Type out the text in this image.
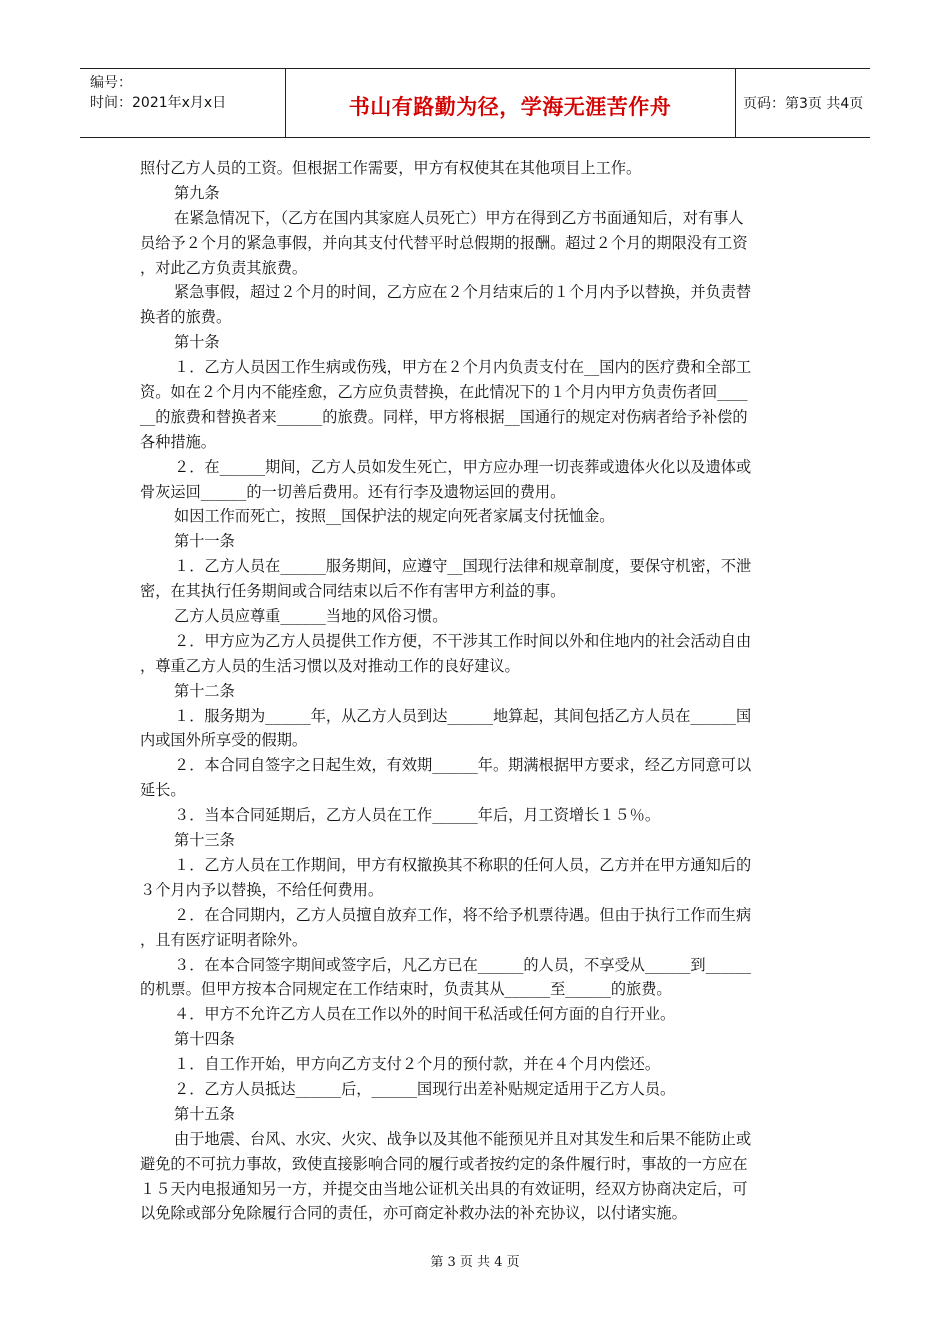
编号：
时间：2021年x月x日	书山有路勤为径，学海无涯苦作舟	页码：第3页 共4页
照付乙方人员的工资。但根据工作需要，甲方有权使其在其他项目上工作。
第九条
在紧急情况下，（乙方在国内其家庭人员死亡）甲方在得到乙方书面通知后，对有事人
员给予２个月的紧急事假，并向其支付代替平时总假期的报酬。超过２个月的期限没有工资
，对此乙方负责其旅费。
紧急事假，超过２个月的时间，乙方应在２个月结束后的１个月内予以替换，并负责替
换者的旅费。
第十条
１．乙方人员因工作生病或伤残，甲方在２个月内负责支付在__国内的医疗费和全部工
资。如在２个月内不能痊愈，乙方应负责替换，在此情况下的１个月内甲方负责伤者回____
__的旅费和替换者来______的旅费。同样，甲方将根据__国通行的规定对伤病者给予补偿的
各种措施。
２．在______期间，乙方人员如发生死亡，甲方应办理一切丧葬或遗体火化以及遗体或
骨灰运回______的一切善后费用。还有行李及遗物运回的费用。
如因工作而死亡，按照__国保护法的规定向死者家属支付抚恤金。
第十一条
１．乙方人员在______服务期间，应遵守__国现行法律和规章制度，要保守机密，不泄
密，在其执行任务期间或合同结束以后不作有害甲方利益的事。
乙方人员应尊重______当地的风俗习惯。
２．甲方应为乙方人员提供工作方便，不干涉其工作时间以外和住地内的社会活动自由
，尊重乙方人员的生活习惯以及对推动工作的良好建议。
第十二条
１．服务期为______年，从乙方人员到达______地算起，其间包括乙方人员在______国
内或国外所享受的假期。
２．本合同自签字之日起生效，有效期______年。期满根据甲方要求，经乙方同意可以
延长。
３．当本合同延期后，乙方人员在工作______年后，月工资增长１５％。
第十三条
１．乙方人员在工作期间，甲方有权撤换其不称职的任何人员，乙方并在甲方通知后的
３个月内予以替换，不给任何费用。
２．在合同期内，乙方人员擅自放弃工作，将不给予机票待遇。但由于执行工作而生病
，且有医疗证明者除外。
３．在本合同签字期间或签字后，凡乙方已在______的人员，不享受从______到______
的机票。但甲方按本合同规定在工作结束时，负责其从______至______的旅费。
４．甲方不允许乙方人员在工作以外的时间干私活或任何方面的自行开业。
第十四条
１．自工作开始，甲方向乙方支付２个月的预付款，并在４个月内偿还。
２．乙方人员抵达______后，______国现行出差补贴规定适用于乙方人员。
第十五条
由于地震、台风、水灾、火灾、战争以及其他不能预见并且对其发生和后果不能防止或
避免的不可抗力事故，致使直接影响合同的履行或者按约定的条件履行时，事故的一方应在
１５天内电报通知另一方，并提交由当地公证机关出具的有效证明，经双方协商决定后，可
以免除或部分免除履行合同的责任，亦可商定补救办法的补充协议，以付诸实施。
第 3 页 共 4 页
